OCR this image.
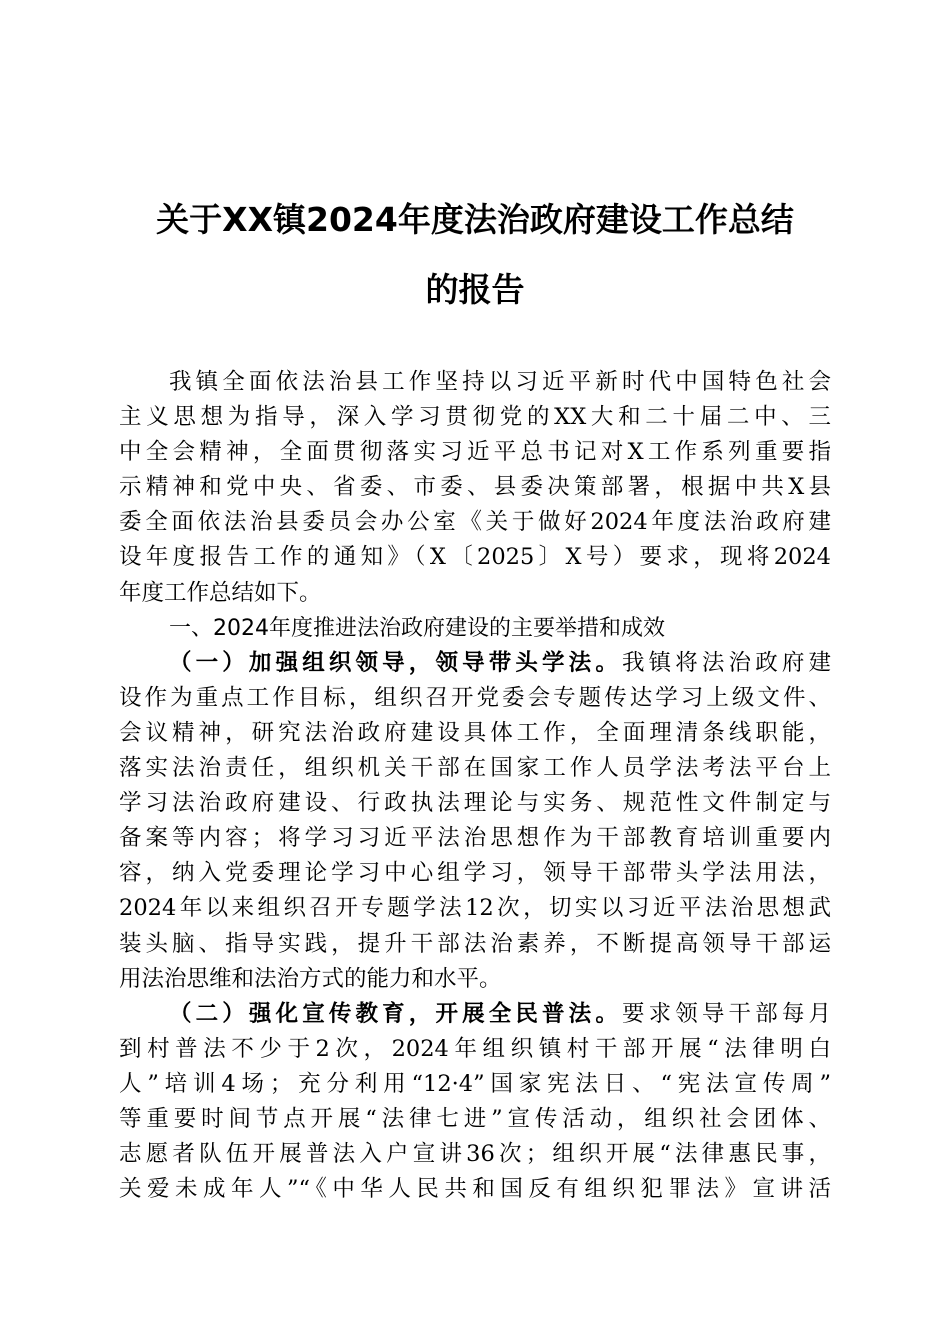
关于XX镇2024年度法治政府建设工作总结
的报告
我镇全面依法治县工作坚持以习近平新时代中国特色社会
主义思想为指导，深入学习贯彻党的XX大和二十届二中、三
中全会精神，全面贯彻落实习近平总书记对X工作系列重要指
示精神和党中央、省委、市委、县委决策部署，根据中共X县
委全面依法治县委员会办公室《关于做好2024年度法治政府建
设年度报告工作的通知》（X〔2025〕X号）要求，现将2024
年度工作总结如下。
一、2024年度推进法治政府建设的主要举措和成效
（一）加强组织领导，领导带头学法。我镇将法治政府建
设作为重点工作目标，组织召开党委会专题传达学习上级文件、
会议精神，研究法治政府建设具体工作，全面理清条线职能，
落实法治责任，组织机关干部在国家工作人员学法考法平台上
学习法治政府建设、行政执法理论与实务、规范性文件制定与
备案等内容；将学习习近平法治思想作为干部教育培训重要内
容，纳入党委理论学习中心组学习，领导干部带头学法用法，
2024年以来组织召开专题学法12次，切实以习近平法治思想武
装头脑、指导实践，提升干部法治素养，不断提高领导干部运
用法治思维和法治方式的能力和水平。
（二）强化宣传教育，开展全民普法。要求领导干部每月
到村普法不少于2次，2024年组织镇村干部开展“法律明白
人”培训4场；充分利用“12·4”国家宪法日、“宪法宣传周”
等重要时间节点开展“法律七进”宣传活动，组织社会团体、
志愿者队伍开展普法入户宣讲36次；组织开展“法律惠民事，
关爱未成年人”“《中华人民共和国反有组织犯罪法》宣讲活
